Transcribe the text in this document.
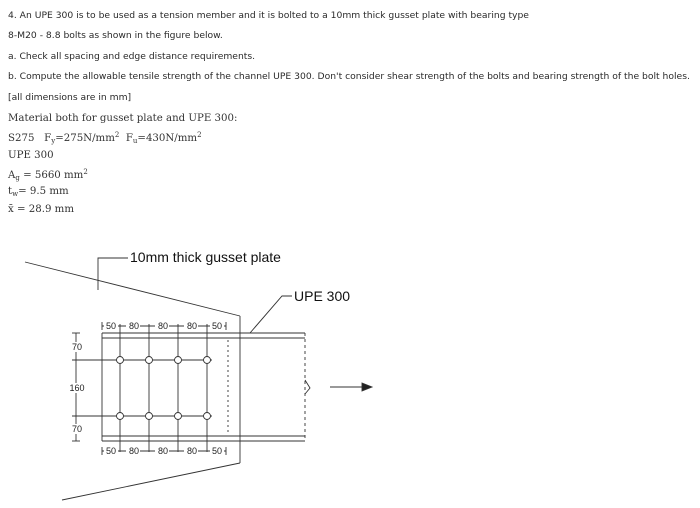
4. An UPE 300 is to be used as a tension member and it is bolted to a 10mm thick gusset plate with bearing type
8-M20 - 8.8 bolts as shown in the figure below.
a. Check all spacing and edge distance requirements.
b. Compute the allowable tensile strength of the channel UPE 300. Don't consider shear strength of the bolts and bearing strength of the bolt holes.
[all dimensions are in mm]
Material both for gusset plate and UPE 300:
S275 $F_y=275N/mm^2$ $F_u=430N/mm^2$
UPE 300
$A_g = 5660$ $mm^2$
$t_w= 9.5$ mm
x̄ = 28.9 mm
10mm thick gusset plate
UPE 300
50 80 80 80 50
50 80 80 80 50
70
160
70
